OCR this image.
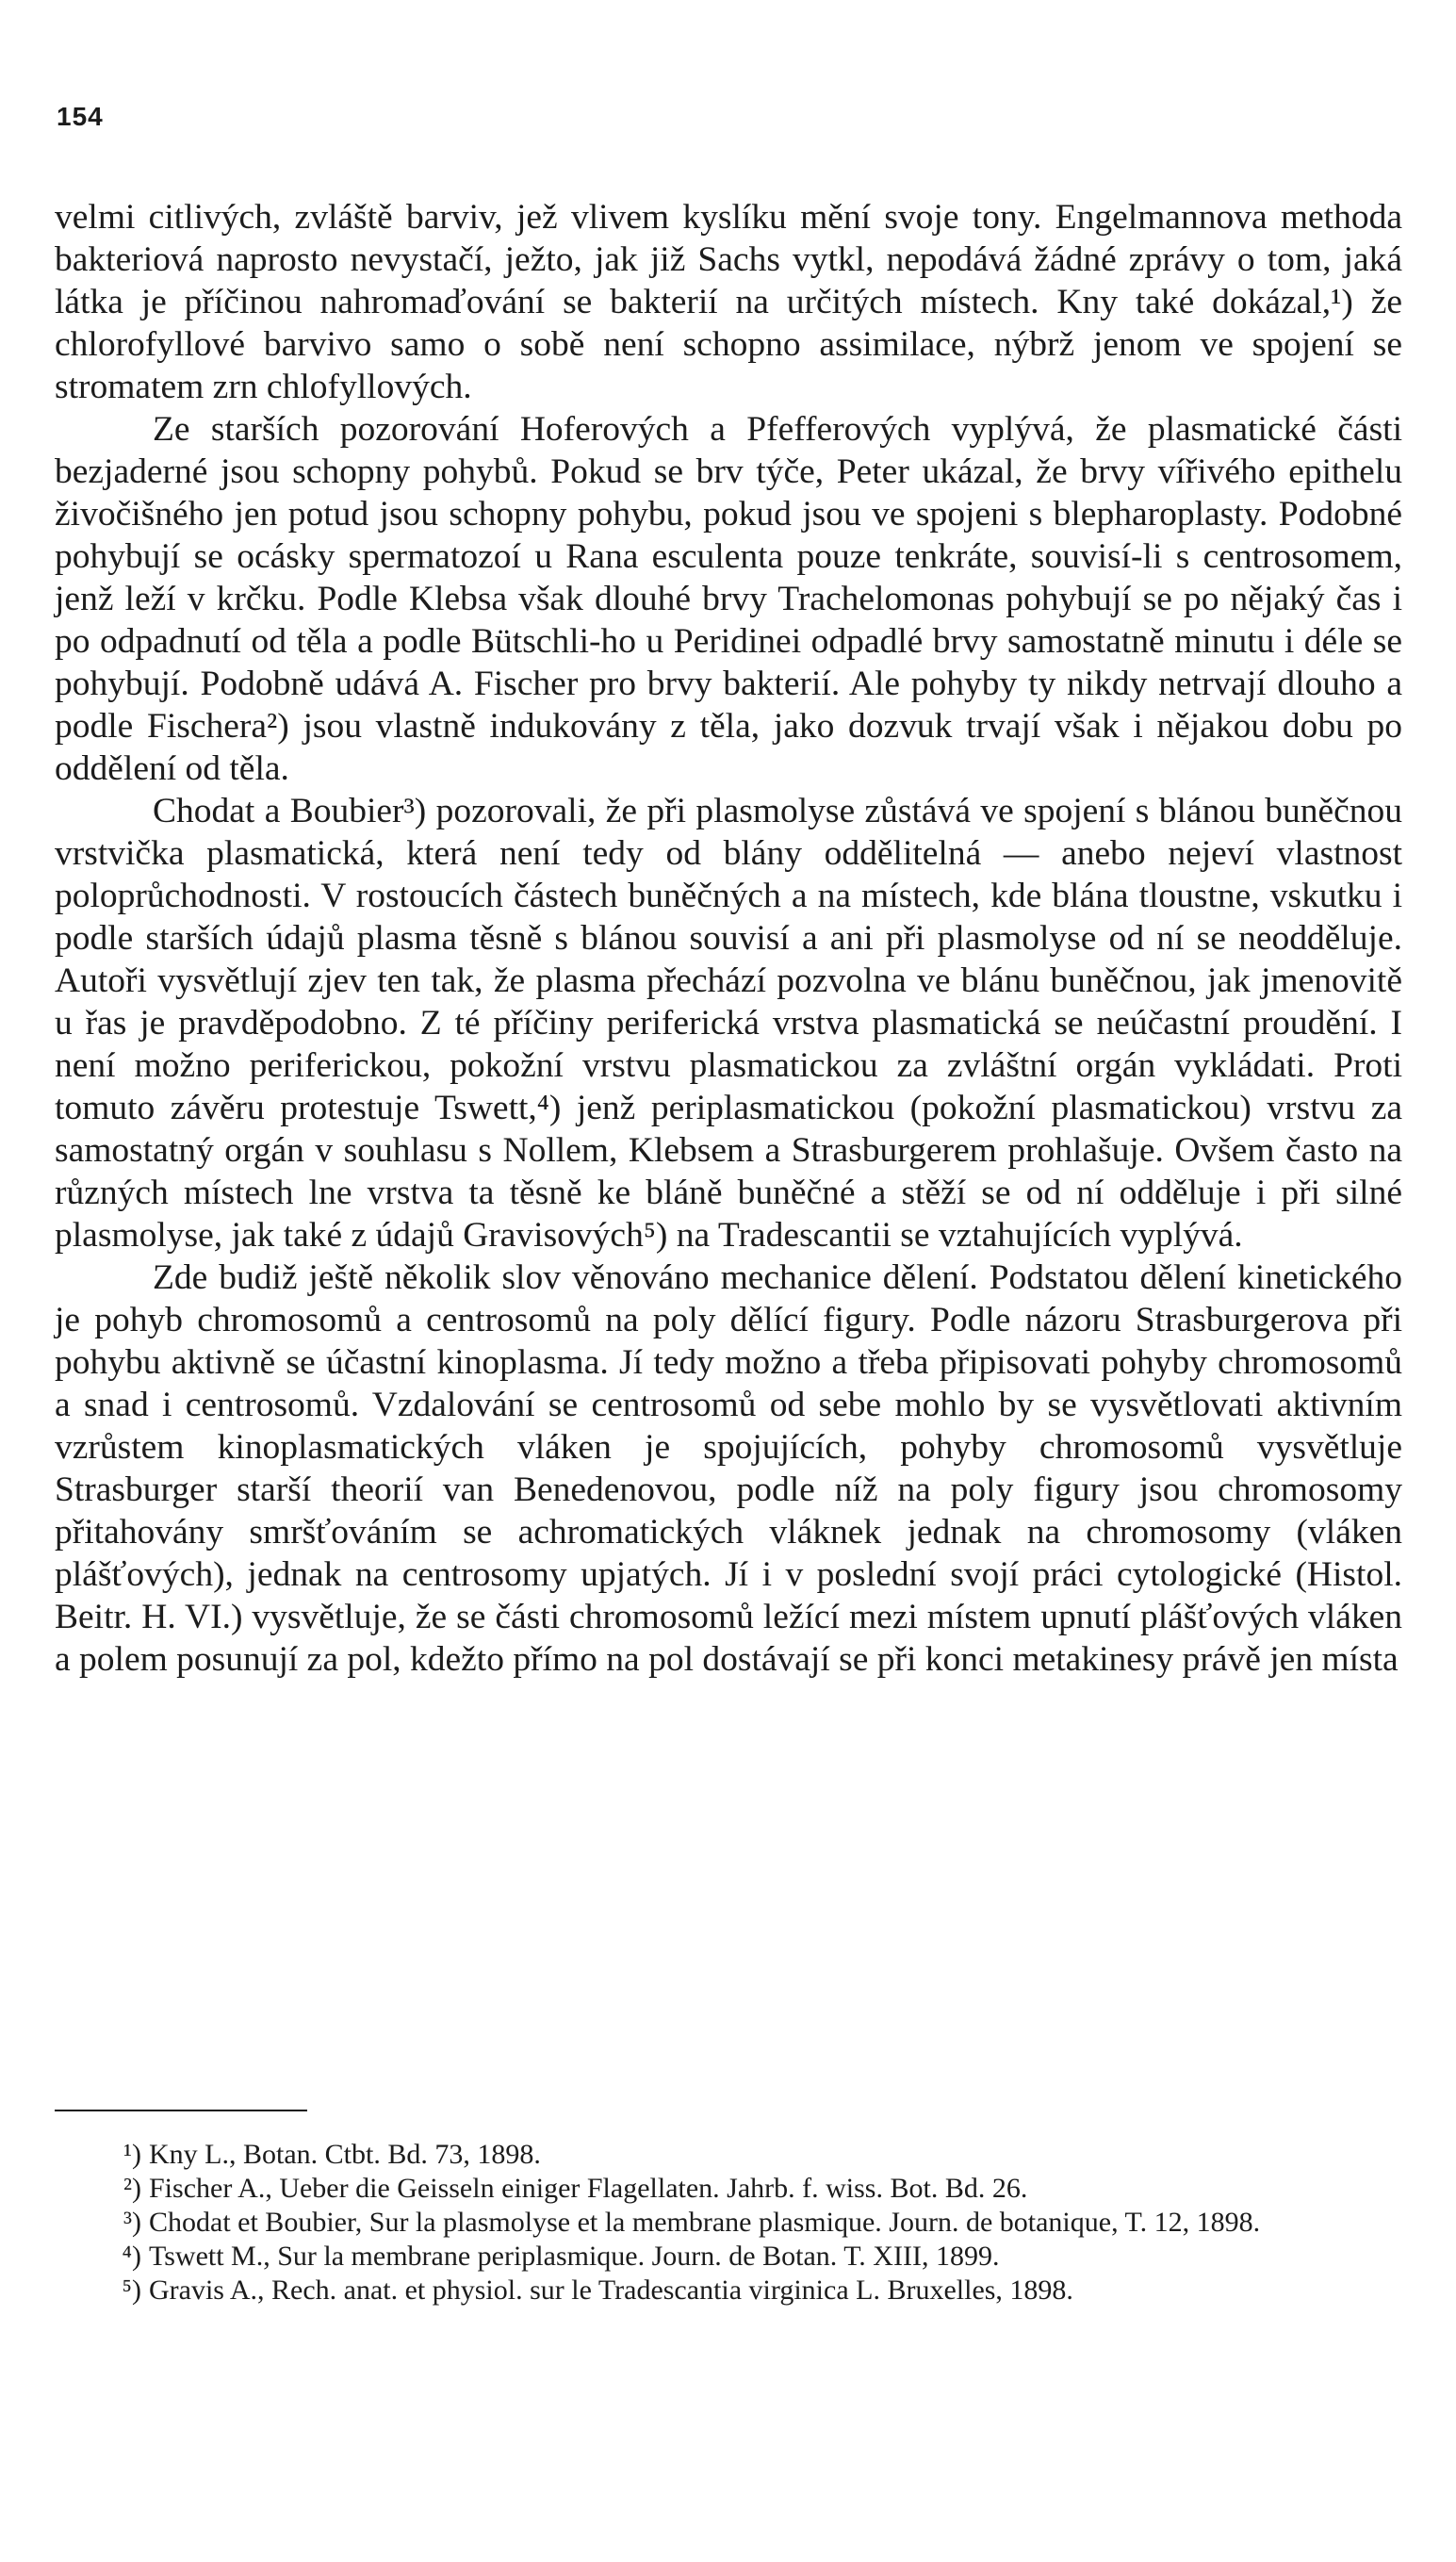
154

velmi citlivých, zvláště barviv, jež vlivem kyslíku mění svoje tony. Engelmannova methoda bakteriová naprosto nevystačí, ježto, jak již Sachs vytkl, nepodává žádné zprávy o tom, jaká látka je příčinou nahromaďování se bakterií na určitých místech. Kny také dokázal,¹) že chlorofyllové barvivo samo o sobě není schopno assimilace, nýbrž jenom ve spojení se stromatem zrn chlofyllových.

Ze starších pozorování Hoferových a Pfefferových vyplývá, že plasmatické části bezjaderné jsou schopny pohybů. Pokud se brv týče, Peter ukázal, že brvy vířivého epithelu živočišného jen potud jsou schopny pohybu, pokud jsou ve spojeni s blepharoplasty. Podobné pohybují se ocásky spermatozoí u Rana esculenta pouze tenkráte, souvisí-li s centrosomem, jenž leží v krčku. Podle Klebsa však dlouhé brvy Trachelomonas pohybují se po nějaký čas i po odpadnutí od těla a podle Bütschli-ho u Peridinei odpadlé brvy samostatně minutu i déle se pohybují. Podobně udává A. Fischer pro brvy bakterií. Ale pohyby ty nikdy netrvají dlouho a podle Fischera²) jsou vlastně indukovány z těla, jako dozvuk trvají však i nějakou dobu po oddělení od těla.

Chodat a Boubier³) pozorovali, že při plasmolyse zůstává ve spojení s blánou buněčnou vrstvička plasmatická, která není tedy od blány oddělitelná — anebo nejeví vlastnost poloprůchodnosti. V rostoucích částech buněčných a na místech, kde blána tloustne, vskutku i podle starších údajů plasma těsně s blánou souvisí a ani při plasmolyse od ní se neodděluje. Autoři vysvětlují zjev ten tak, že plasma přechází pozvolna ve blánu buněčnou, jak jmenovitě u řas je pravděpodobno. Z té příčiny periferická vrstva plasmatická se neúčastní proudění. I není možno periferickou, pokožní vrstvu plasmatickou za zvláštní orgán vykládati. Proti tomuto závěru protestuje Tswett,⁴) jenž periplasmatickou (pokožní plasmatickou) vrstvu za samostatný orgán v souhlasu s Nollem, Klebsem a Strasburgerem prohlašuje. Ovšem často na různých místech lne vrstva ta těsně ke bláně buněčné a stěží se od ní odděluje i při silné plasmolyse, jak také z údajů Gravisových⁵) na Tradescantii se vztahujících vyplývá.

Zde budiž ještě několik slov věnováno mechanice dělení. Podstatou dělení kinetického je pohyb chromosomů a centrosomů na poly dělící figury. Podle názoru Strasburgerova při pohybu aktivně se účastní kinoplasma. Jí tedy možno a třeba připisovati pohyby chromosomů a snad i centrosomů. Vzdalování se centrosomů od sebe mohlo by se vysvětlovati aktivním vzrůstem kinoplasmatických vláken je spojujících, pohyby chromosomů vysvětluje Strasburger starší theorií van Benedenovou, podle níž na poly figury jsou chromosomy přitahovány smršťováním se achromatických vláknek jednak na chromosomy (vláken plášťových), jednak na centrosomy upjatých. Jí i v poslední svojí práci cytologické (Histol. Beitr. H. VI.) vysvětluje, že se části chromosomů ležící mezi místem upnutí plášťových vláken a polem posunují za pol, kdežto přímo na pol dostávají se při konci metakinesy právě jen místa

¹) Kny L., Botan. Ctbt. Bd. 73, 1898.

²) Fischer A., Ueber die Geisseln einiger Flagellaten. Jahrb. f. wiss. Bot. Bd. 26.

³) Chodat et Boubier, Sur la plasmolyse et la membrane plasmique. Journ. de botanique, T. 12, 1898.

⁴) Tswett M., Sur la membrane periplasmique. Journ. de Botan. T. XIII, 1899.

⁵) Gravis A., Rech. anat. et physiol. sur le Tradescantia virginica L. Bruxelles, 1898.
